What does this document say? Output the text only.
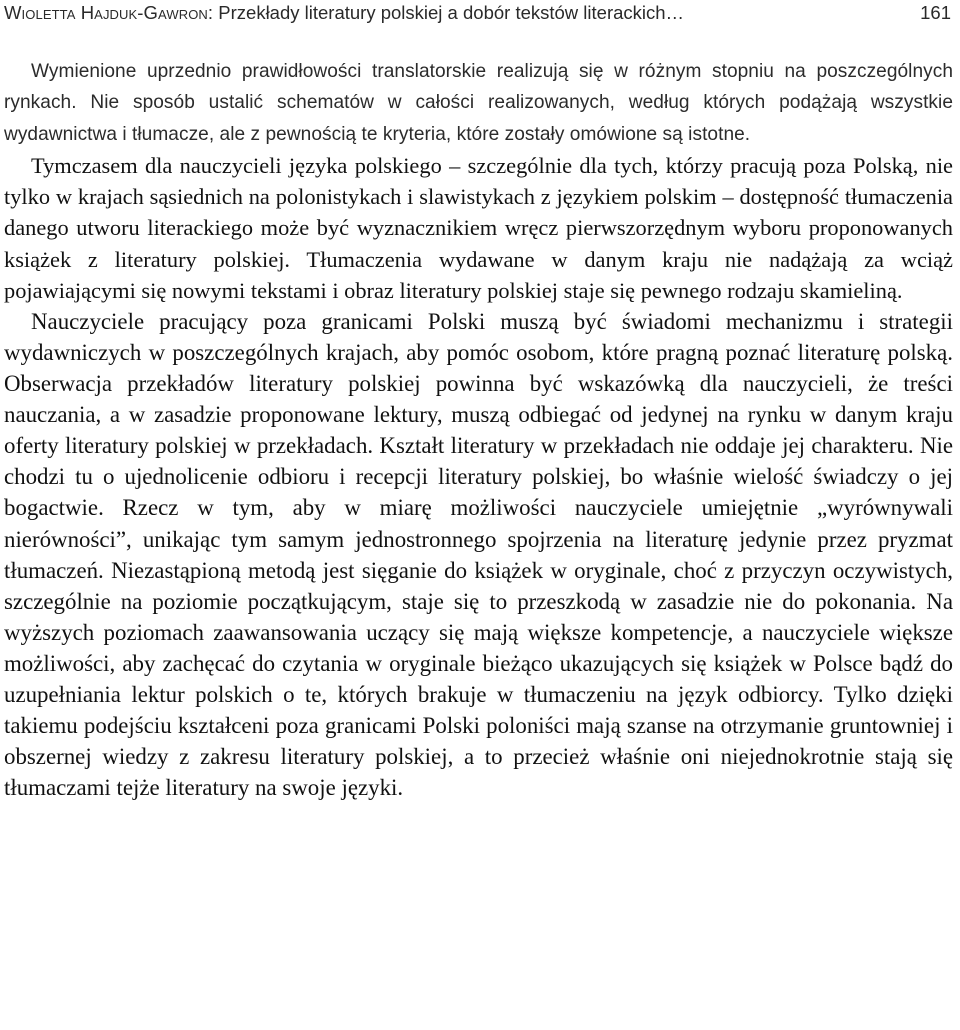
Wioletta Hajduk-Gawron: Przekłady literatury polskiej a dobór tekstów literackich…	161

Wymienione uprzednio prawidłowości translatorskie realizują się w różnym stopniu na poszczególnych rynkach. Nie sposób ustalić schematów w całości realizowanych, według których podążają wszystkie wydawnictwa i tłumacze, ale z pewnością te kryteria, które zostały omówione są istotne.

Tymczasem dla nauczycieli języka polskiego – szczególnie dla tych, którzy pracują poza Polską, nie tylko w krajach sąsiednich na polonistykach i slawistykach z językiem polskim – dostępność tłumaczenia danego utworu literackiego może być wyznacznikiem wręcz pierwszorzędnym wyboru proponowanych książek z literatury polskiej. Tłumaczenia wydawane w danym kraju nie nadążają za wciąż pojawiającymi się nowymi tekstami i obraz literatury polskiej staje się pewnego rodzaju skamieliną.

Nauczyciele pracujący poza granicami Polski muszą być świadomi mechanizmu i strategii wydawniczych w poszczególnych krajach, aby pomóc osobom, które pragną poznać literaturę polską. Obserwacja przekładów literatury polskiej powinna być wskazówką dla nauczycieli, że treści nauczania, a w zasadzie proponowane lektury, muszą odbiegać od jedynej na rynku w danym kraju oferty literatury polskiej w przekładach. Kształt literatury w przekładach nie oddaje jej charakteru. Nie chodzi tu o ujednolicenie odbioru i recepcji literatury polskiej, bo właśnie wielość świadczy o jej bogactwie. Rzecz w tym, aby w miarę możliwości nauczyciele umiejętnie „wyrównywali nierówności”, unikając tym samym jednostronnego spojrzenia na literaturę jedynie przez pryzmat tłumaczeń. Niezastąpioną metodą jest sięganie do książek w oryginale, choć z przyczyn oczywistych, szczególnie na poziomie początkującym, staje się to przeszkodą w zasadzie nie do pokonania. Na wyższych poziomach zaawansowania uczący się mają większe kompetencje, a nauczyciele większe możliwości, aby zachęcać do czytania w oryginale bieżąco ukazujących się książek w Polsce bądź do uzupełniania lektur polskich o te, których brakuje w tłumaczeniu na język odbiorcy. Tylko dzięki takiemu podejściu kształceni poza granicami Polski poloniści mają szanse na otrzymanie gruntowniej i obszernej wiedzy z zakresu literatury polskiej, a to przecież właśnie oni niejednokrotnie stają się tłumaczami tejże literatury na swoje języki.
